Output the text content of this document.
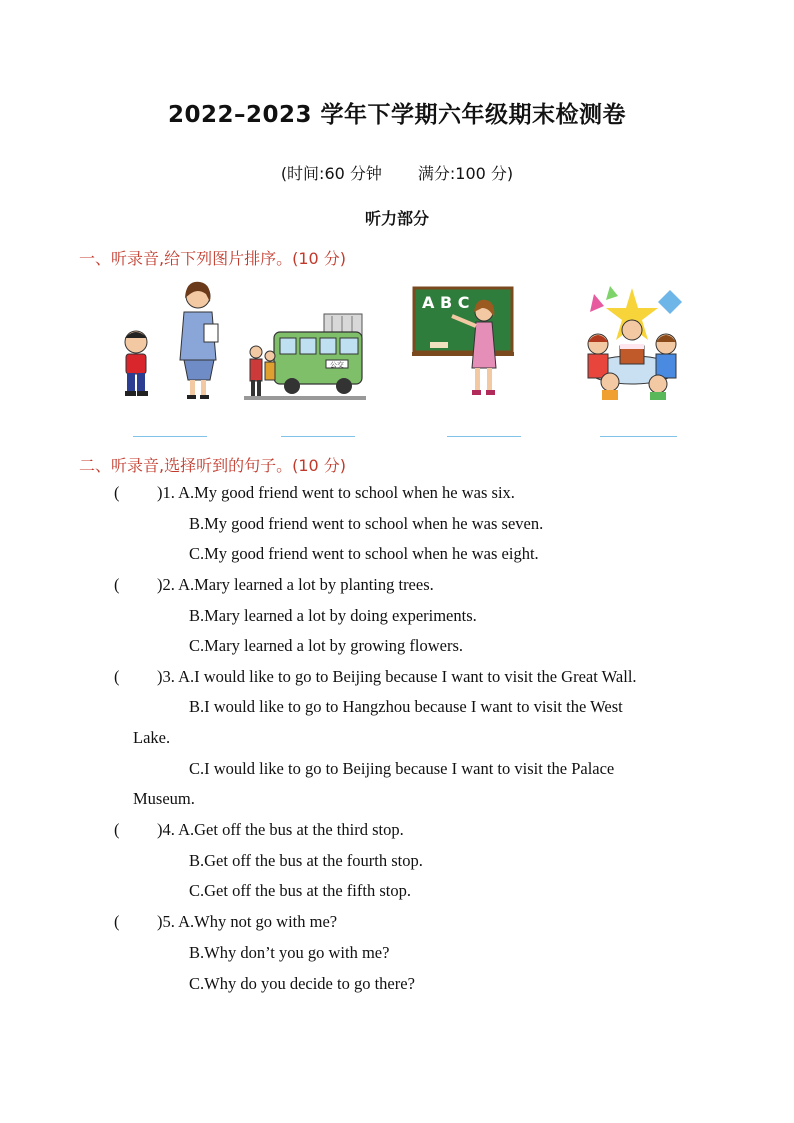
2022–2023 学年下学期六年级期末检测卷
(时间:60 分钟 满分:100 分)
听力部分
一、听录音,给下列图片排序。(10 分)
公交
A B C
二、听录音,选择听到的句子。(10 分)
( )1. A.My good friend went to school when he was six.
B.My good friend went to school when he was seven.
C.My good friend went to school when he was eight.
( )2. A.Mary learned a lot by planting trees.
B.Mary learned a lot by doing experiments.
C.Mary learned a lot by growing flowers.
( )3. A.I would like to go to Beijing because I want to visit the Great Wall.
B.I would like to go to Hangzhou because I want to visit the West
Lake.
C.I would like to go to Beijing because I want to visit the Palace
Museum.
( )4. A.Get off the bus at the third stop.
B.Get off the bus at the fourth stop.
C.Get off the bus at the fifth stop.
( )5. A.Why not go with me?
B.Why don’t you go with me?
C.Why do you decide to go there?
